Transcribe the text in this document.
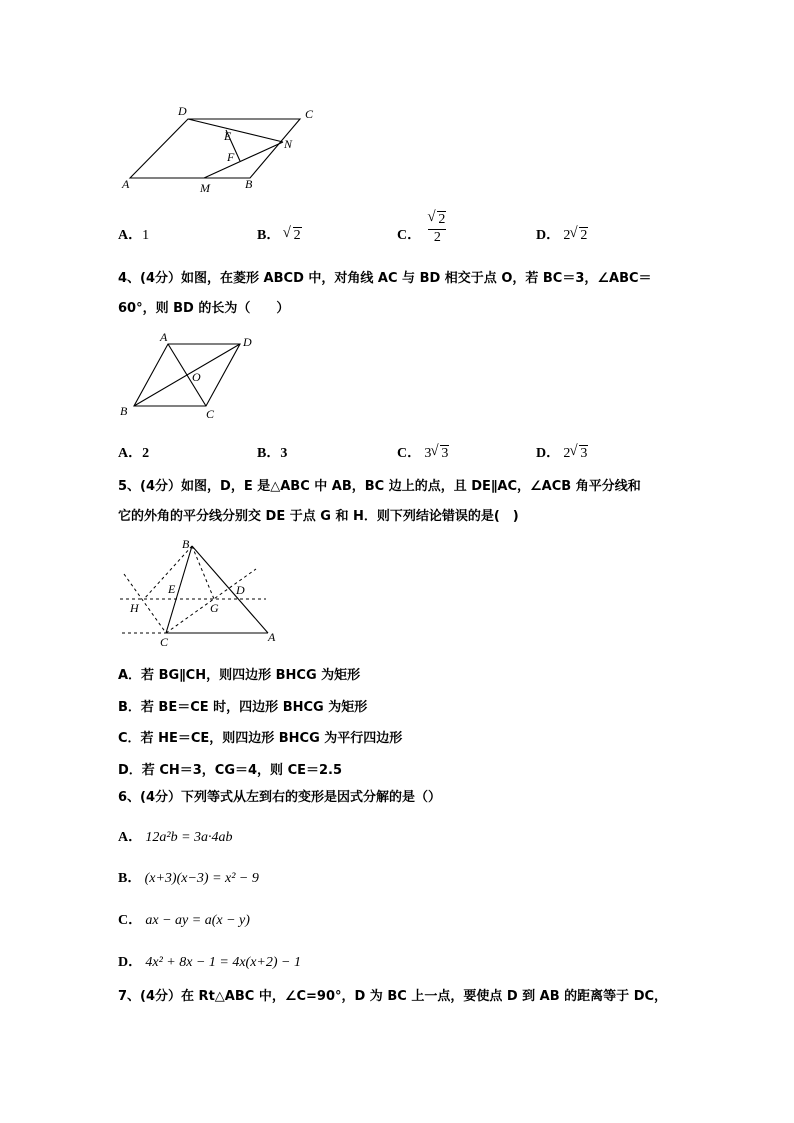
D	C
E
F
N
A	M	B
A．1	B． √ 2	C． √ $\frac{2}{2}$	D． 2 √ 2
4、(4分）如图，在菱形 ABCD 中，对角线 AC 与 BD 相交于点 O，若 BC＝3，∠ABC＝
60°，则 BD 的长为（　　）
A	D
O
B	C
A．2	B．3	C． 3 √ 3	D． 2 √ 3
5、(4分）如图，D，E 是△ABC 中 AB，BC 边上的点，且 DE∥AC，∠ACB 角平分线和
它的外角的平分线分别交 DE 于点 G 和 H．则下列结论错误的是(　)
B
E	D
H	G
C	A
A．若 BG∥CH，则四边形 BHCG 为矩形
B．若 BE＝CE 时，四边形 BHCG 为矩形
C．若 HE＝CE，则四边形 BHCG 为平行四边形
D．若 CH＝3，CG＝4，则 CE＝2.5
6、(4分）下列等式从左到右的变形是因式分解的是（）
A． 12a²b = 3a·4ab
B． (x+3)(x−3) = x² − 9
C． ax − ay = a(x − y)
D． 4x² + 8x − 1 = 4x(x+2) − 1
7、(4分）在 Rt△ABC 中，∠C=90°，D 为 BC 上一点，要使点 D 到 AB 的距离等于 DC，
